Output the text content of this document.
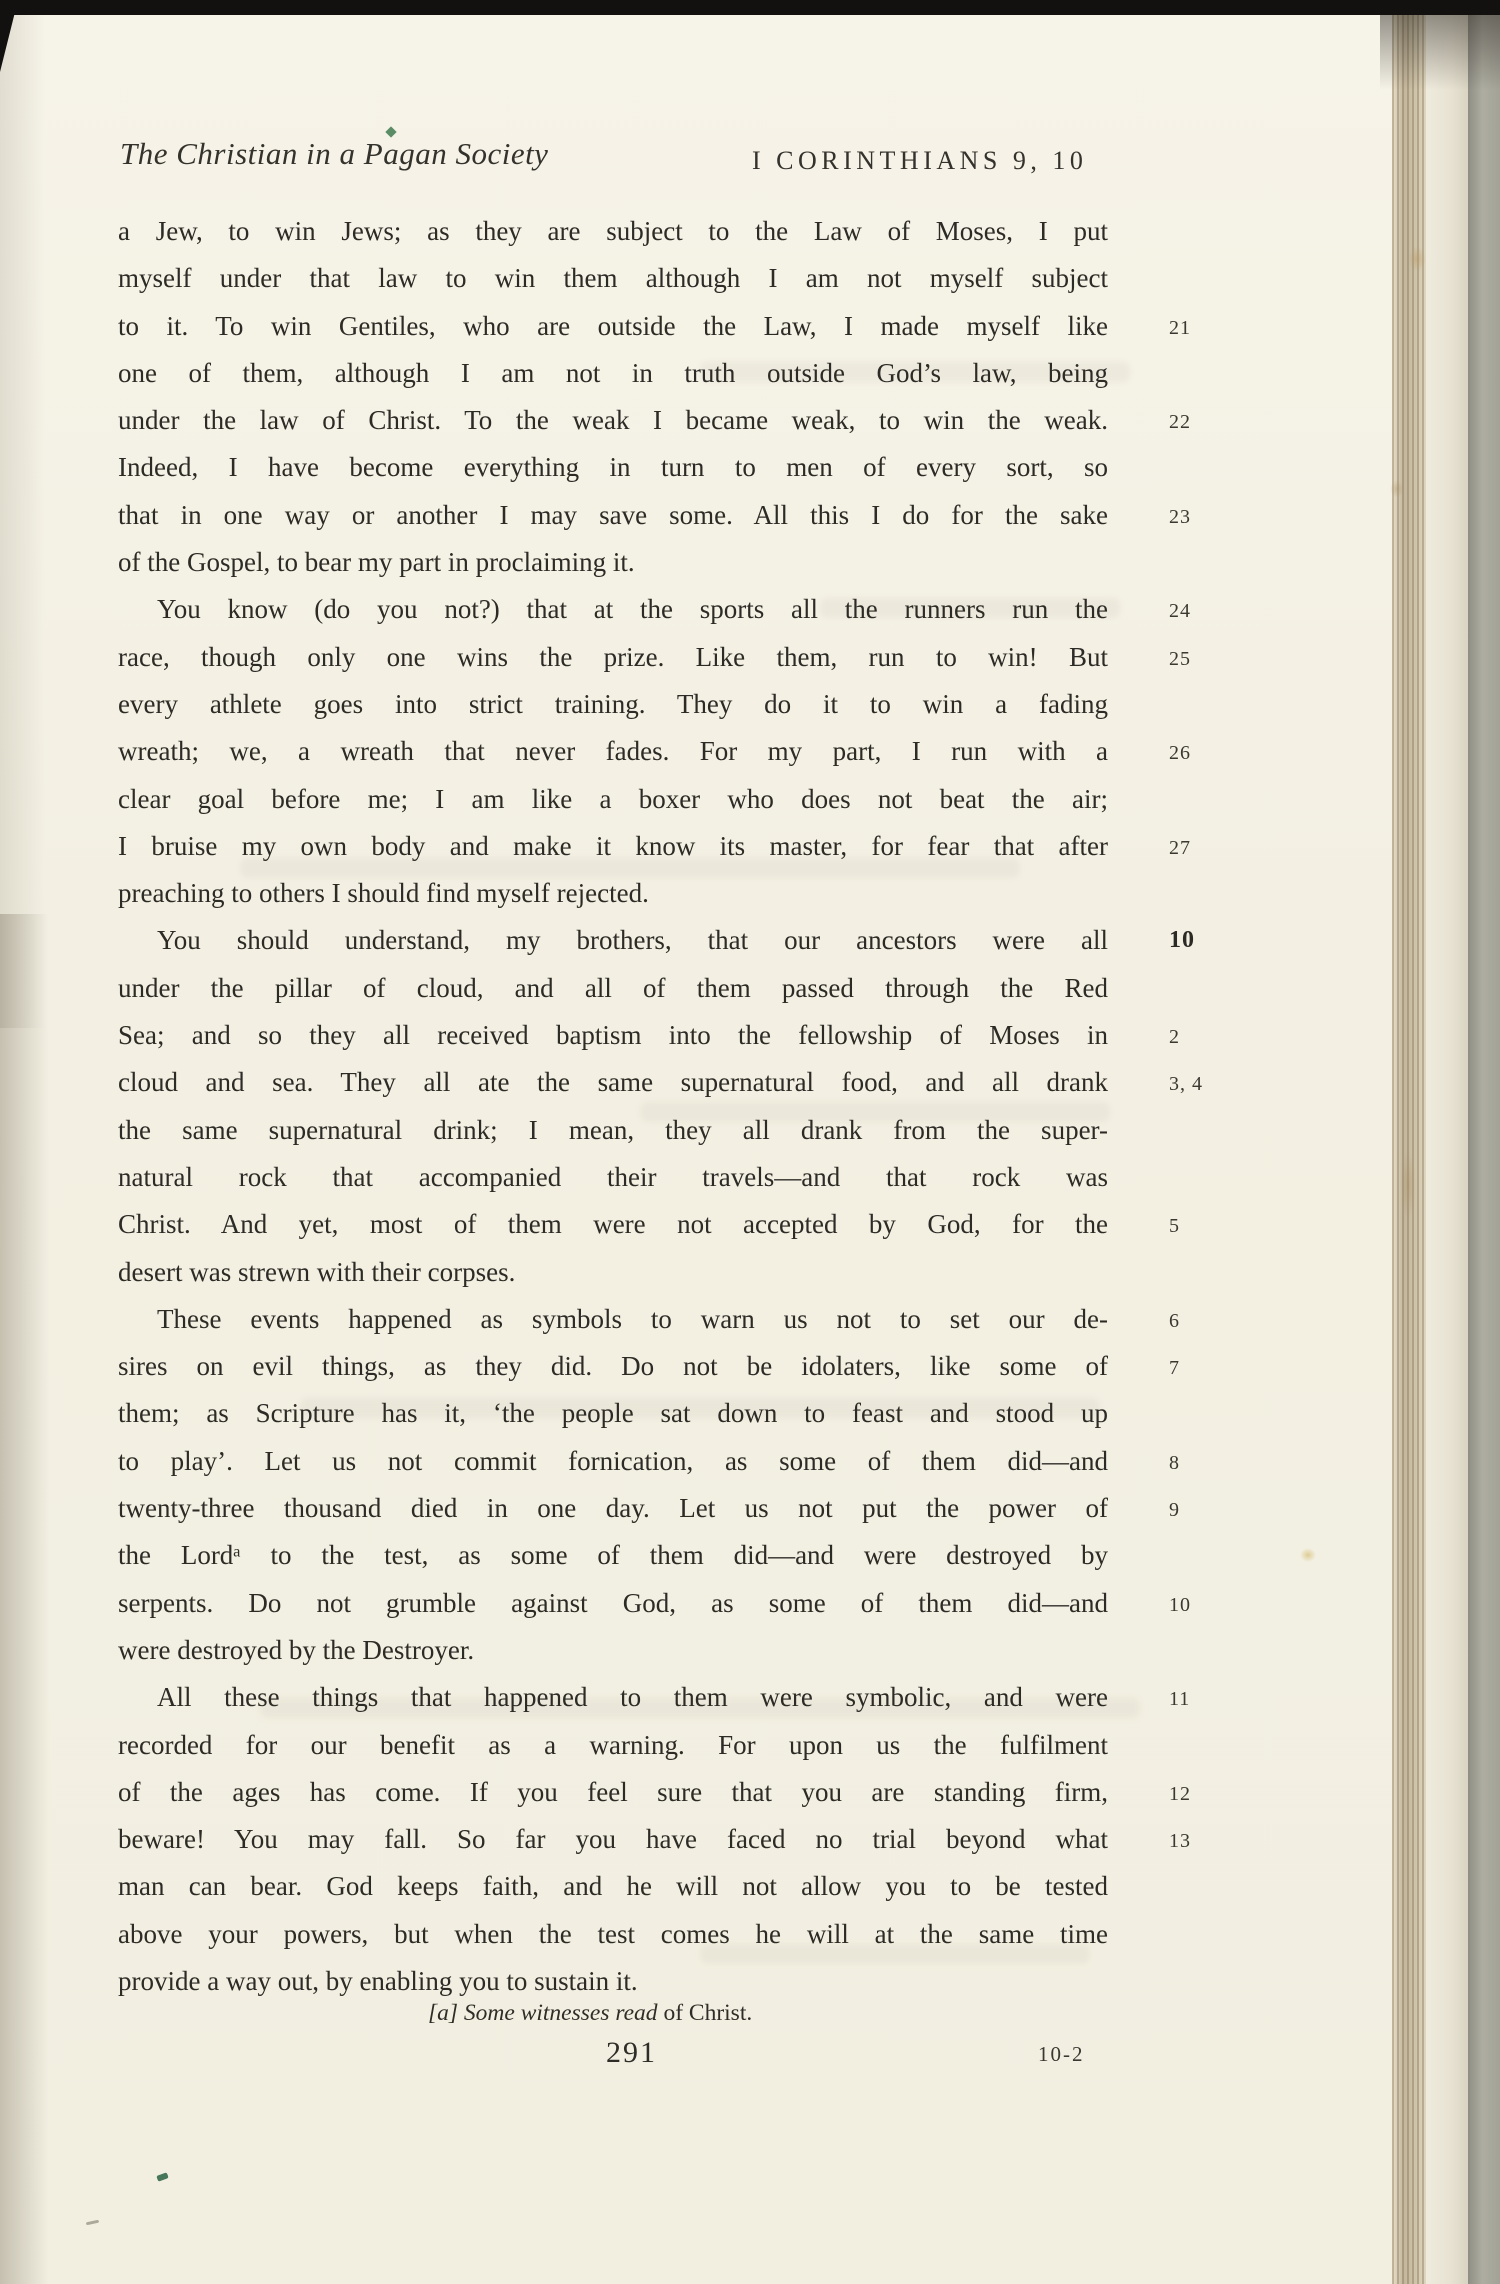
The Christian in a Pagan Society	I CORINTHIANS 9, 10
a Jew, to win Jews; as they are subject to the Law of Moses, I put
myself under that law to win them although I am not myself subject
to it. To win Gentiles, who are outside the Law, I made myself like	21
one of them, although I am not in truth outside God’s law, being
under the law of Christ. To the weak I became weak, to win the weak.	22
Indeed, I have become everything in turn to men of every sort, so
that in one way or another I may save some. All this I do for the sake	23
of the Gospel, to bear my part in proclaiming it.
You know (do you not?) that at the sports all the runners run the	24
race, though only one wins the prize. Like them, run to win! But	25
every athlete goes into strict training. They do it to win a fading
wreath; we, a wreath that never fades. For my part, I run with a	26
clear goal before me; I am like a boxer who does not beat the air;
I bruise my own body and make it know its master, for fear that after	27
preaching to others I should find myself rejected.
You should understand, my brothers, that our ancestors were all	10
under the pillar of cloud, and all of them passed through the Red
Sea; and so they all received baptism into the fellowship of Moses in	2
cloud and sea. They all ate the same supernatural food, and all drank	3, 4
the same supernatural drink; I mean, they all drank from the super-
natural rock that accompanied their travels—and that rock was
Christ. And yet, most of them were not accepted by God, for the	5
desert was strewn with their corpses.
These events happened as symbols to warn us not to set our de-	6
sires on evil things, as they did. Do not be idolaters, like some of	7
them; as Scripture has it, ‘the people sat down to feast and stood up
to play’. Let us not commit fornication, as some of them did—and	8
twenty-three thousand died in one day. Let us not put the power of	9
the Lordᵃ to the test, as some of them did—and were destroyed by
serpents. Do not grumble against God, as some of them did—and	10
were destroyed by the Destroyer.
All these things that happened to them were symbolic, and were	11
recorded for our benefit as a warning. For upon us the fulfilment
of the ages has come. If you feel sure that you are standing firm,	12
beware! You may fall. So far you have faced no trial beyond what	13
man can bear. God keeps faith, and he will not allow you to be tested
above your powers, but when the test comes he will at the same time
provide a way out, by enabling you to sustain it.
[a] Some witnesses read of Christ.
291	10-2
